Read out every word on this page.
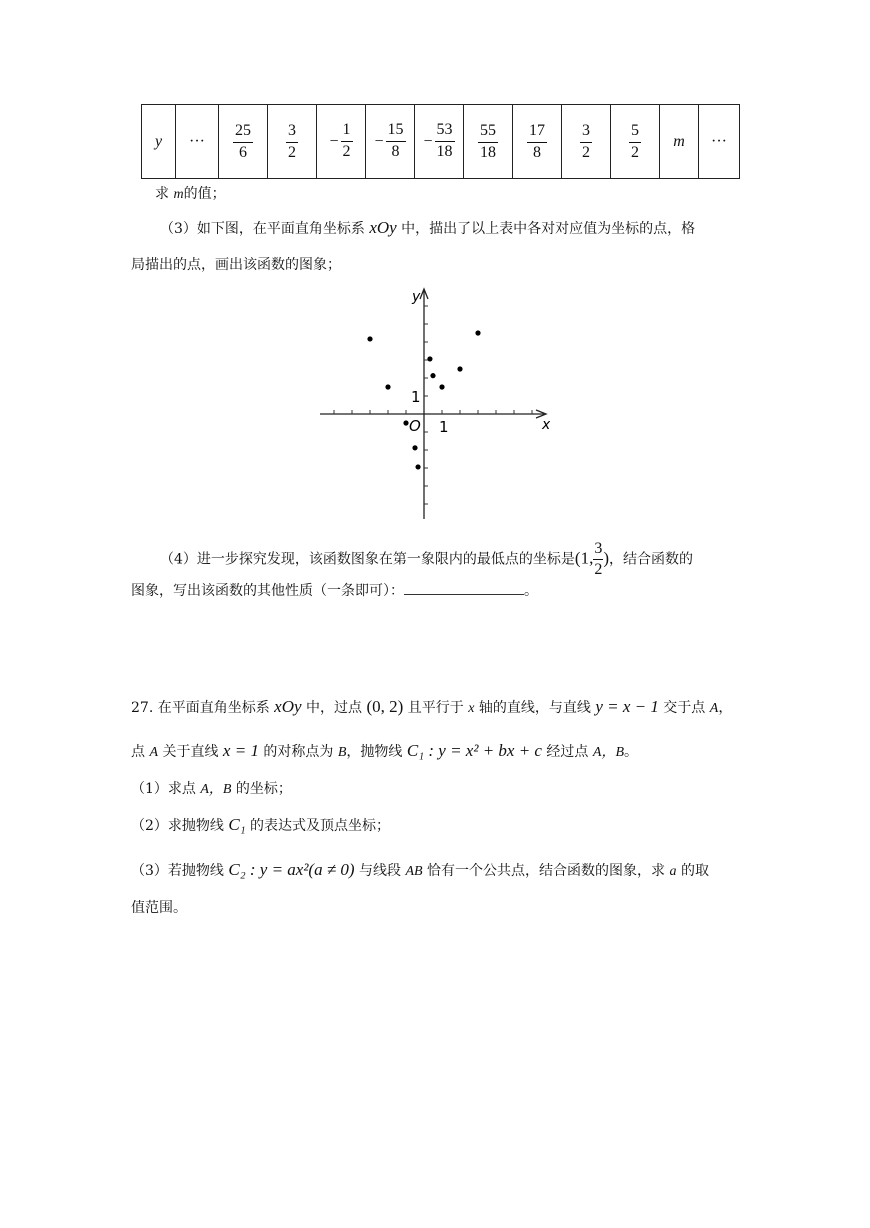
y	···	$\frac{25}{6}$	$\frac{3}{2}$	− $\frac{1}{2}$	− $\frac{15}{8}$	− $\frac{53}{18}$	$\frac{55}{18}$	$\frac{17}{8}$	$\frac{3}{2}$	$\frac{5}{2}$	m	···
求 m的值；
（3）如下图，在平面直角坐标系 xOy 中，描出了以上表中各对对应值为坐标的点，格
局描出的点，画出该函数的图象；
y
x
O 1
1
（4）进一步探究发现，该函数图象在第一象限内的最低点的坐标是(1, $\frac{3}{2}$ )，结合函数的
图象，写出该函数的其他性质（一条即可）：	。
27. 在平面直角坐标系 xOy 中，过点 (0, 2) 且平行于 x 轴的直线，与直线 y = x − 1 交于点 A，
点 A 关于直线 x = 1 的对称点为 B，抛物线 C₁ : y = x² + bx + c 经过点 A，B。
（1）求点 A，B 的坐标；
（2）求抛物线 C₁ 的表达式及顶点坐标；
（3）若抛物线 C₂ : y = ax²(a ≠ 0) 与线段 AB 恰有一个公共点，结合函数的图象，求 a 的取
值范围。
